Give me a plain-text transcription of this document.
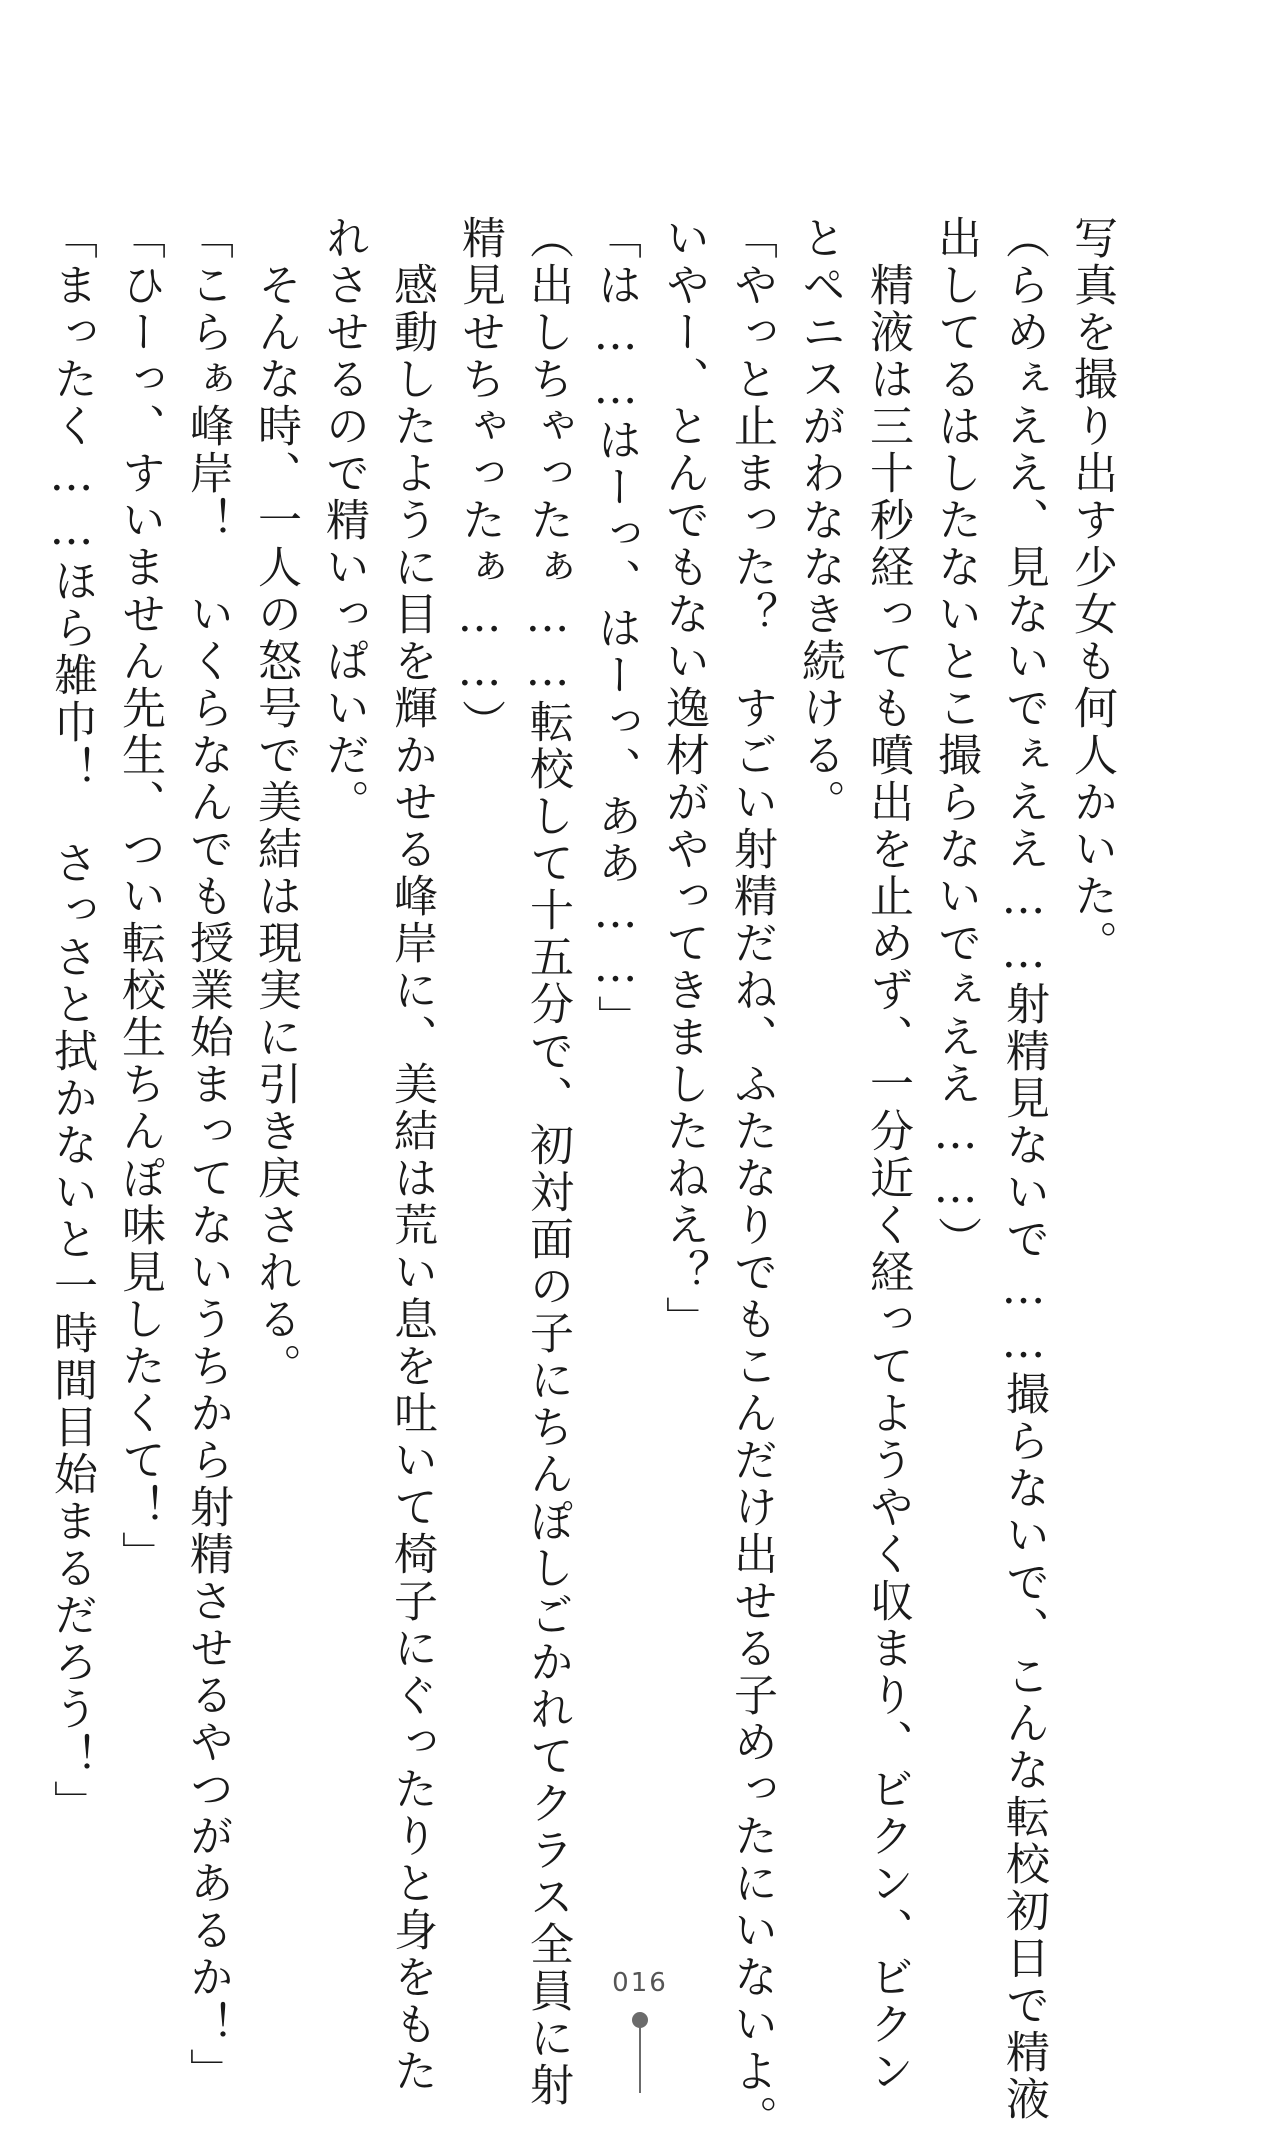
写真を撮り出す少女も何人かいた。
（らめぇええ、見ないでぇええ……射精見ないで……撮らないで、こんな転校初日で精液
出してるはしたないとこ撮らないでぇええ……）
　精液は三十秒経っても噴出を止めず、一分近く経ってようやく収まり、ビクン、ビクン
とペニスがわななき続ける。
「やっと止まった？　すごい射精だね、ふたなりでもこんだけ出せる子めったにいないよ。
いやー、とんでもない逸材がやってきましたねえ？」
「は……はーっ、はーっ、ああ……」
（出しちゃったぁ……転校して十五分で、初対面の子にちんぽしごかれてクラス全員に射
精見せちゃったぁ……）
　感動したように目を輝かせる峰岸に、美結は荒い息を吐いて椅子にぐったりと身をもた
れさせるので精いっぱいだ。
　そんな時、一人の怒号で美結は現実に引き戻される。
「こらぁ峰岸！　いくらなんでも授業始まってないうちから射精させるやつがあるか！」
「ひーっ、すいません先生、つい転校生ちんぽ味見したくて！」
「まったく……ほら雑巾！　さっさと拭かないと一時間目始まるだろう！」
016
